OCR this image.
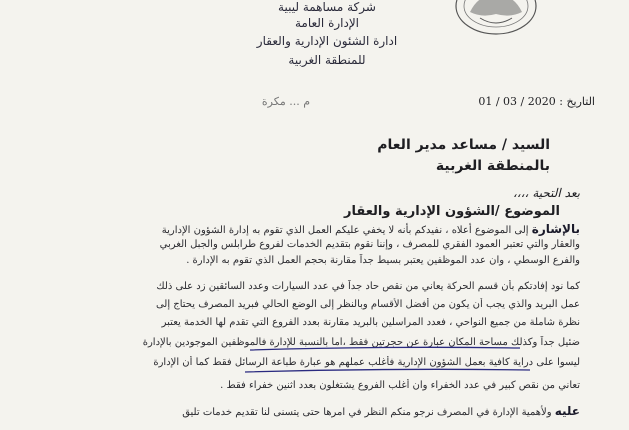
شركة مساهمة ليبية
الإدارة العامة
ادارة الشئون الإدارية والعقار
للمنطقة الغربية
التاريخ : 2020 / 03 / 01
م ... مكرة
السيد / مساعد مدير العام
بالمنطقة الغربية
بعد التحية ،،،،
الموضوع /الشؤون الإدارية والعقار
بالإشارة إلى الموضوع أعلاه ، نفيدكم بأنه لا يخفي عليكم العمل الذي تقوم به إدارة الشؤون الإدارية
والعقار والتي تعتبر العمود الفقري للمصرف ، وإننا نقوم بتقديم الخدمات لفروع طرابلس والجبل الغربي
والفرع الوسطي ، وان عدد الموظفين يعتبر بسيط جداً مقارنة بحجم العمل الذي تقوم به الإدارة .
كما نود إفادتكم بأن قسم الحركة يعاني من نقص حاد جداً في عدد السيارات وعدد السائقين زد على ذلك
عمل البريد والذي يجب أن يكون من أفضل الأقسام وبالنظر إلى الوضع الحالي فبريد المصرف يحتاج إلى
نظرة شاملة من جميع النواحي ، فعدد المراسلين بالبريد مقارنة بعدد الفروع التي تقدم لها الخدمة يعتبر
ضئيل جداً وكذلك مساحة المكان عبارة عن حجرتين فقط ،اما بالنسبة للإدارة فالموظفين الموجودين بالإدارة
ليسوا على دراية كافية بعمل الشؤون الإدارية فأغلب عملهم هو عبارة طباعة الرسائل فقط كما أن الإدارة
تعاني من نقص كبير في عدد الخفراء وان أغلب الفروع يشتغلون بعدد اثنين خفراء فقط .
عليه ولأهمية الإدارة في المصرف نرجو منكم النظر في امرها حتى يتسنى لنا تقديم خدمات تليق
